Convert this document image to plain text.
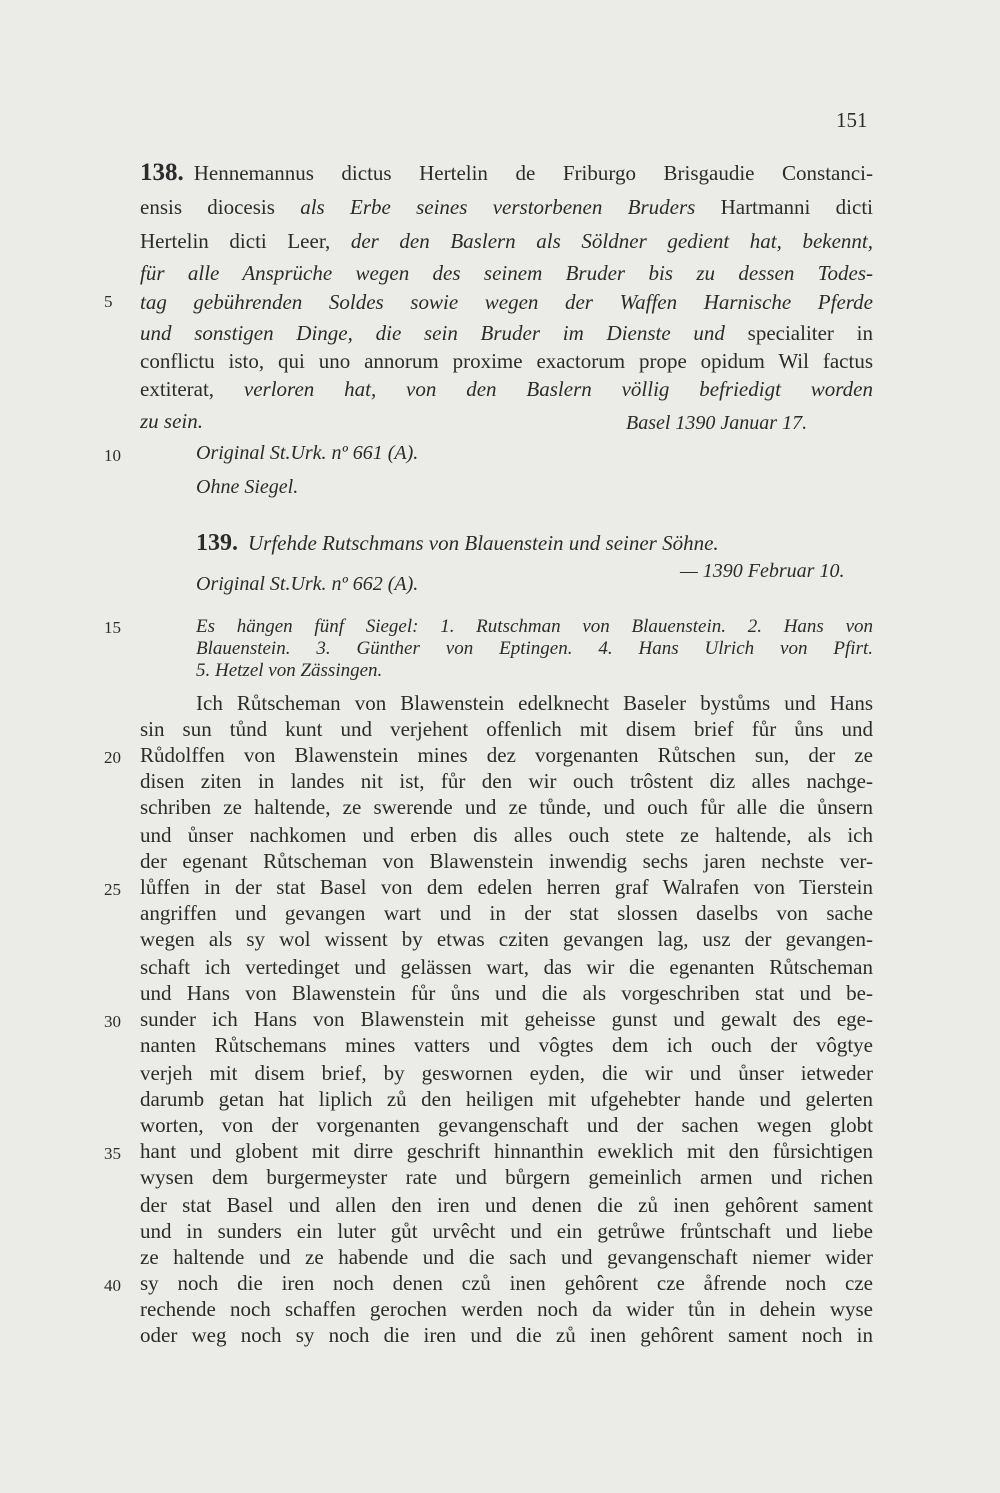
151
138. Hennemannus dictus Hertelin de Friburgo Brisgaudie Constanci-
ensis diocesis als Erbe seines verstorbenen Bruders Hartmanni dicti
Hertelin dicti Leer, der den Baslern als Söldner gedient hat, bekennt,
für alle Ansprüche wegen des seinem Bruder bis zu dessen Todes-
5	tag gebührenden Soldes sowie wegen der Waffen Harnische Pferde
und sonstigen Dinge, die sein Bruder im Dienste und specialiter in
conflictu isto, qui uno annorum proxime exactorum prope opidum Wil factus
extiterat, verloren hat, von den Baslern völlig befriedigt worden
zu sein.	Basel 1390 Januar 17.
10	Original St.Urk. nº 661 (A).
Ohne Siegel.
139. Urfehde Rutschmans von Blauenstein und seiner Söhne.
— 1390 Februar 10.
Original St.Urk. nº 662 (A).
15	Es hängen fünf Siegel: 1. Rutschman von Blauenstein. 2. Hans von
Blauenstein. 3. Günther von Eptingen. 4. Hans Ulrich von Pfirt.
5. Hetzel von Zässingen.
Ich Růtscheman von Blawenstein edelknecht Baseler bystůms und Hans
sin sun tůnd kunt und verjehent offenlich mit disem brief fůr ůns und
20 Růdolffen von Blawenstein mines dez vorgenanten Růtschen sun, der ze
disen ziten in landes nit ist, fůr den wir ouch trôstent diz alles nachge-
schriben ze haltende, ze swerende und ze tůnde, und ouch fůr alle die ůnsern
und ůnser nachkomen und erben dis alles ouch stete ze haltende, als ich
der egenant Růtscheman von Blawenstein inwendig sechs jaren nechste ver-
25 lůffen in der stat Basel von dem edelen herren graf Walrafen von Tierstein
angriffen und gevangen wart und in der stat slossen daselbs von sache
wegen als sy wol wissent by etwas cziten gevangen lag, usz der gevangen-
schaft ich vertedinget und gelässen wart, das wir die egenanten Růtscheman
und Hans von Blawenstein fůr ůns und die als vorgeschriben stat und be-
30 sunder ich Hans von Blawenstein mit geheisse gunst und gewalt des ege-
nanten Růtschemans mines vatters und vôgtes dem ich ouch der vôgtye
verjeh mit disem brief, by geswornen eyden, die wir und ůnser ietweder
darumb getan hat liplich zů den heiligen mit ufgehebter hande und gelerten
worten, von der vorgenanten gevangenschaft und der sachen wegen globt
35 hant und globent mit dirre geschrift hinnanthin eweklich mit den fůrsichtigen
wysen dem burgermeyster rate und bůrgern gemeinlich armen und richen
der stat Basel und allen den iren und denen die zů inen gehôrent sament
und in sunders ein luter gůt urvêcht und ein getrůwe frůntschaft und liebe
ze haltende und ze habende und die sach und gevangenschaft niemer wider
40 sy noch die iren noch denen czů inen gehôrent cze åfrende noch cze
rechende noch schaffen gerochen werden noch da wider tůn in dehein wyse
oder weg noch sy noch die iren und die zů inen gehôrent sament noch in
